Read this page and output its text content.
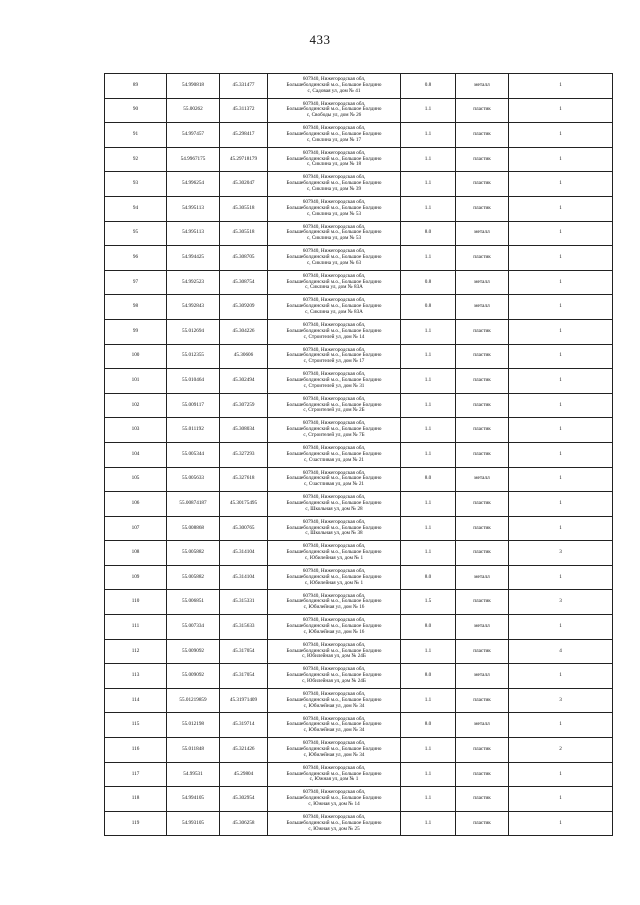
433
89	54.990818	45.331477	607940, Нижегородская обл,
Большеболдинский м.о., Большое Болдино
с, Садовая ул, дом № 41	0.8	металл	1
90	55.00262	45.311372	607940, Нижегородская обл,
Большеболдинский м.о., Большое Болдино
с, Свободы ул, дом № 26	1.1	пластик	1
91	54.997457	45.298417	607940, Нижегородская обл,
Большеболдинский м.о., Большое Болдино
с, Сиклина ул, дом № 17	1.1	пластик	1
92	54.9967175	45.29718179	607940, Нижегородская обл,
Большеболдинский м.о., Большое Болдино
с, Сиклина ул, дом № 18	1.1	пластик	1
93	54.996254	45.302047	607940, Нижегородская обл,
Большеболдинский м.о., Большое Болдино
с, Сиклина ул, дом № 39	1.1	пластик	1
94	54.995113	45.305518	607940, Нижегородская обл,
Большеболдинский м.о., Большое Болдино
с, Сиклина ул, дом № 53	1.1	пластик	1
95	54.995113	45.305518	607940, Нижегородская обл,
Большеболдинский м.о., Большое Болдино
с, Сиклина ул, дом № 53	8.0	металл	1
96	54.994425	45.308705	607940, Нижегородская обл,
Большеболдинский м.о., Большое Болдино
с, Сиклина ул, дом № 63	1.1	пластик	1
97	54.992523	45.308754	607940, Нижегородская обл,
Большеболдинский м.о., Большое Болдино
с, Сиклина ул, дом № 83А	0.8	металл	1
98	54.992843	45.309209	607940, Нижегородская обл,
Большеболдинский м.о., Большое Болдино
с, Сиклина ул, дом № 83А	0.8	металл	1
99	55.012694	45.304226	607940, Нижегородская обл,
Большеболдинский м.о., Большое Болдино
с, Строителей ул, дом № 14	1.1	пластик	1
100	55.012355	45.30606	607940, Нижегородская обл,
Большеболдинский м.о., Большое Болдино
с, Строителей ул, дом № 17	1.1	пластик	1
101	55.010464	45.302494	607940, Нижегородская обл,
Большеболдинский м.о., Большое Болдино
с, Строителей ул, дом № 31	1.1	пластик	1
102	55.009117	45.307259	607940, Нижегородская обл,
Большеболдинский м.о., Большое Болдино
с, Строителей ул, дом № 2Б	1.1	пластик	1
103	55.011192	45.308034	607940, Нижегородская обл,
Большеболдинский м.о., Большое Болдино
с, Строителей ул, дом № 7Б	1.1	пластик	1
104	55.005344	45.327293	607940, Нижегородская обл,
Большеболдинский м.о., Большое Болдино
с, Счастливая ул, дом № 21	1.1	пластик	1
105	55.005633	45.327618	607940, Нижегородская обл,
Большеболдинский м.о., Большое Болдино
с, Счастливая ул, дом № 21	8.0	металл	1
106	55.00874187	45.30175495	607940, Нижегородская обл,
Большеболдинский м.о., Большое Болдино
с, Школьная ул, дом № 28	1.1	пластик	1
107	55.008868	45.300765	607940, Нижегородская обл,
Большеболдинский м.о., Большое Болдино
с, Школьная ул, дом № 38	1.1	пластик	1
108	55.005882	45.314104	607940, Нижегородская обл,
Большеболдинский м.о., Большое Болдино
с, Юбилейная ул, дом № 1	1.1	пластик	3
109	55.005882	45.314104	607940, Нижегородская обл,
Большеболдинский м.о., Большое Болдино
с, Юбилейная ул, дом № 1	8.0	металл	1
110	55.006851	45.315331	607940, Нижегородская обл,
Большеболдинский м.о., Большое Болдино
с, Юбилейная ул, дом № 16	1.5	пластик	3
111	55.007334	45.315633	607940, Нижегородская обл,
Большеболдинский м.о., Большое Болдино
с, Юбилейная ул, дом № 16	8.0	металл	1
112	55.009092	45.317054	607940, Нижегородская обл,
Большеболдинский м.о., Большое Болдино
с, Юбилейная ул, дом № 24Б	1.1	пластик	4
113	55.009092	45.317054	607940, Нижегородская обл,
Большеболдинский м.о., Большое Болдино
с, Юбилейная ул, дом № 24Б	8.0	металл	1
114	55.01219859	45.31971409	607940, Нижегородская обл,
Большеболдинский м.о., Большое Болдино
с, Юбилейная ул, дом № 34	1.1	пластик	3
115	55.012198	45.319714	607940, Нижегородская обл,
Большеболдинский м.о., Большое Болдино
с, Юбилейная ул, дом № 34	8.0	металл	1
116	55.011848	45.321426	607940, Нижегородская обл,
Большеболдинский м.о., Большое Болдино
с, Юбилейная ул, дом № 34	1.1	пластик	2
117	54.99531	45.29804	607940, Нижегородская обл,
Большеболдинский м.о., Большое Болдино
с, Южная ул, дом № 1	1.1	пластик	1
118	54.994105	45.302954	607940, Нижегородская обл,
Большеболдинский м.о., Большое Болдино
с, Южная ул, дом № 14	1.1	пластик	1
119	54.993105	45.306258	607940, Нижегородская обл,
Большеболдинский м.о., Большое Болдино
с, Южная ул, дом № 25	1.1	пластик	1
